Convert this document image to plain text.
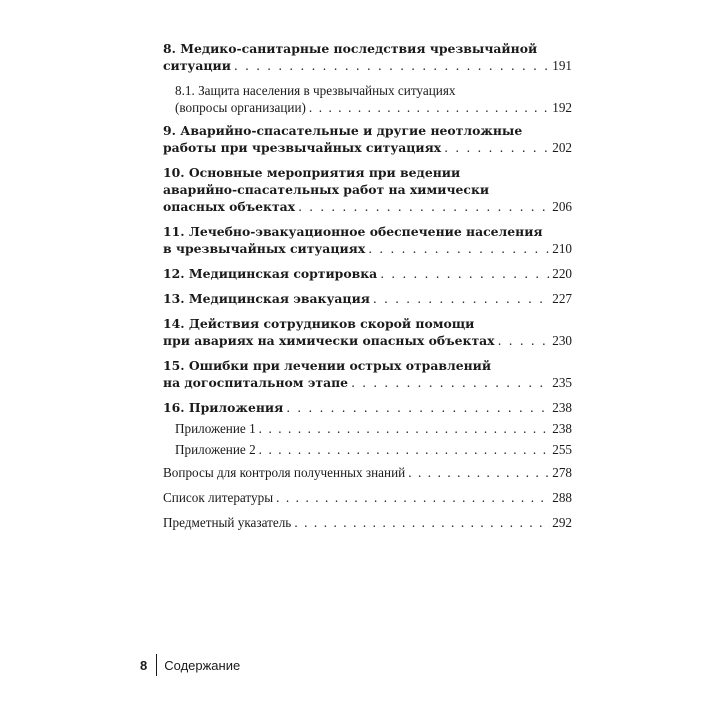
8. Медико-санитарные последствия чрезвычайной
ситуации . . .	191
8.1. Защита населения в чрезвычайных ситуациях
(вопросы организации) . . .	192
9. Аварийно-спасательные и другие неотложные
работы при чрезвычайных ситуациях . . .	202
10. Основные мероприятия при ведении
аварийно-спасательных работ на химически
опасных объектах . . .	206
11. Лечебно-эвакуационное обеспечение населения
в чрезвычайных ситуациях . . .	210
12. Медицинская сортировка . . .	220
13. Медицинская эвакуация . . .	227
14. Действия сотрудников скорой помощи
при авариях на химически опасных объектах . . .	230
15. Ошибки при лечении острых отравлений
на догоспитальном этапе . . .	235
16. Приложения . . .	238
Приложение 1 . . .	238
Приложение 2 . . .	255
Вопросы для контроля полученных знаний . . .	278
Список литературы . . .	288
Предметный указатель . . .	292
8 Содержание
